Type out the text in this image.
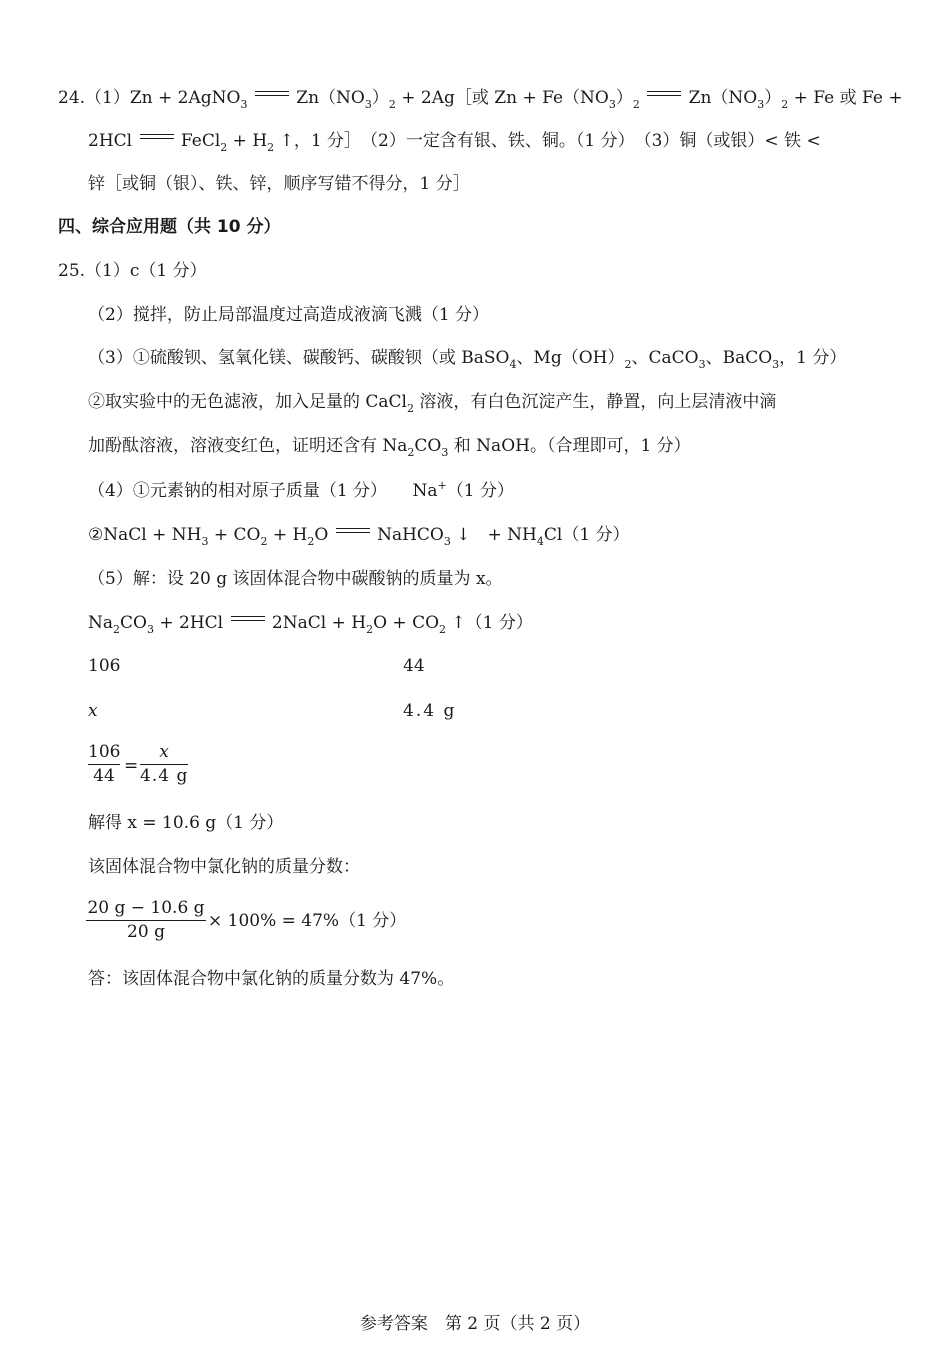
24.（1）Zn + 2AgNO$_3$	$Zn(NO_3)_2$ + 2Ag［或 $Zn + Fe(NO_3)_2$	$Zn(NO_3)_2 + Fe$ 或 Fe +
2HCl	FeCl$_2$ + $H_2$ ↑，1 分］　（2）一定含有银、铁、铜。（1 分）　（3）铜（或银）< 铁 <
锌［或铜（银）、铁、锌，顺序写错不得分，1 分］
四、综合应用题（共 10 分）
25.（1）c（1 分）
（2）搅拌，防止局部温度过高造成液滴飞溅（1 分）
（3）①硫酸钡、氢氧化镁、碳酸钙、碳酸钡（或 BaSO$_4$、$Mg(OH)_2$、CaCO$_3$、BaCO$_3$，1 分）
②取实验中的无色滤液，加入足量的 CaCl$_2$ 溶液，有白色沉淀产生，静置，向上层清液中滴
加酚酞溶液，溶液变红色，证明还含有 $Na_2CO_3$ 和 NaOH。（合理即可，1 分）
（4）①元素钠的相对原子质量（1 分）　　Na+（1 分）
②NaCl + $NH_3 + CO_2 + H_2O$	NaHCO$_3$ ↓　+ $NH_4Cl(1$ 分）
（5）解：设 20 g 该固体混合物中碳酸钠的质量为 x。
$Na_2CO_3 + 2HCl$	2NaCl + $H_2O + CO_2$ ↑（1 分）
106	44
x	4.4 g
106
44 =
x
4.4 g
解得 x = 10.6 g（1 分）
该固体混合物中氯化钠的质量分数：
20 g − 10.6 g
20 g
× 100% = 47%（1 分）
答：该固体混合物中氯化钠的质量分数为 47%。
参考答案　第 2 页（共 2 页）
